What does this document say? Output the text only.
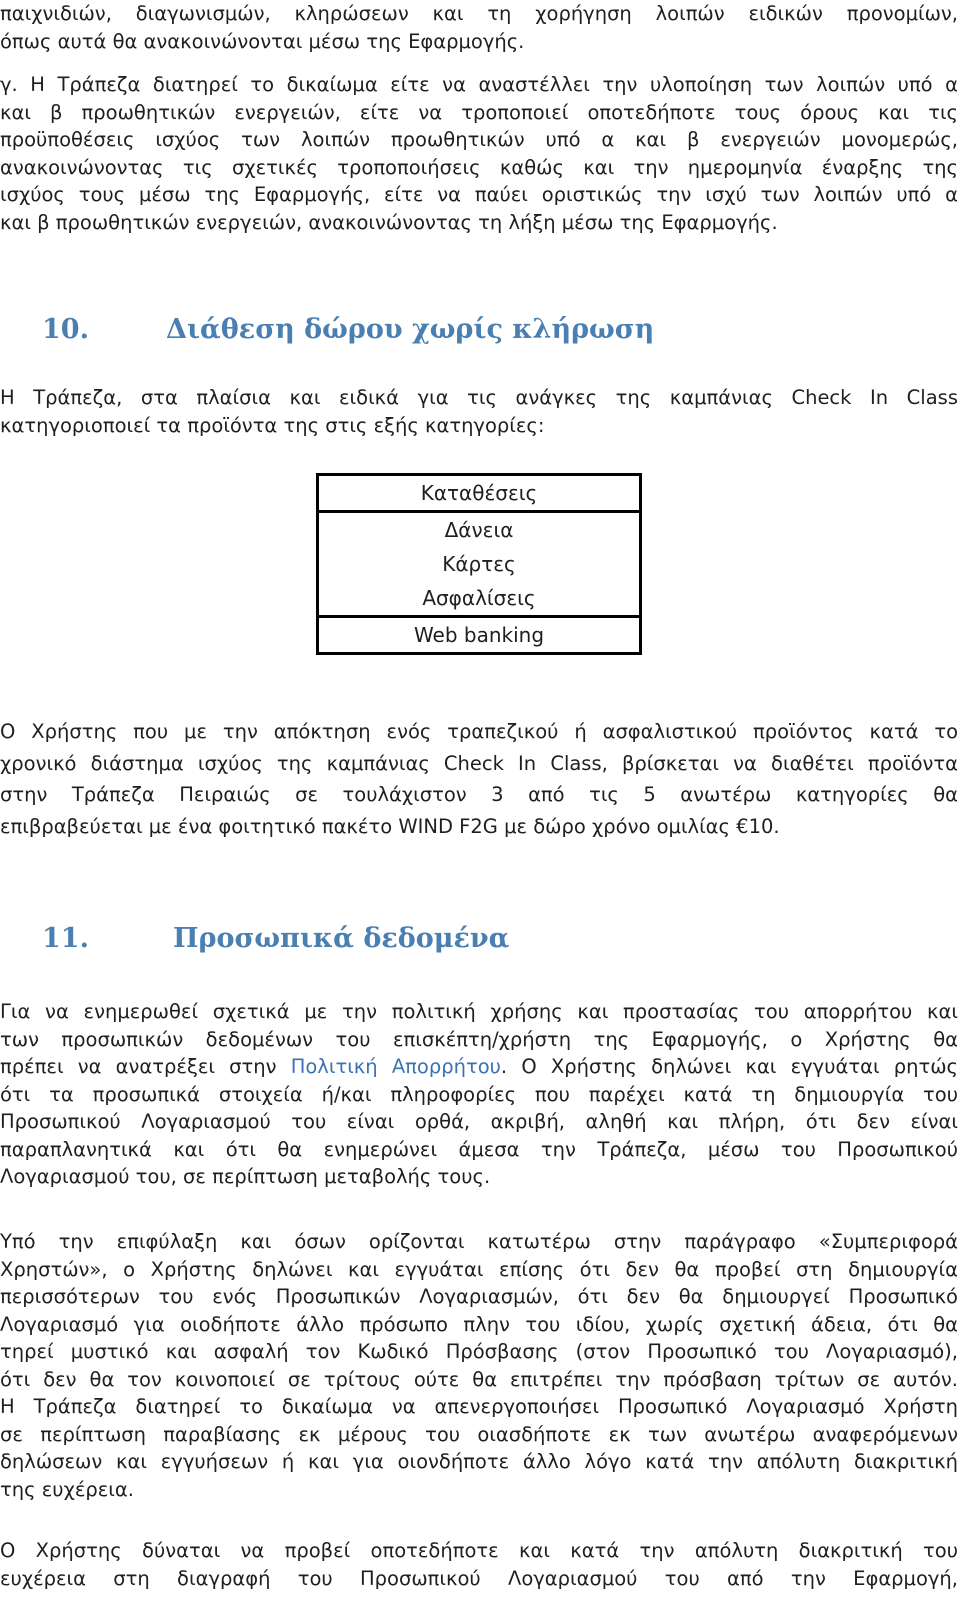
παιχνιδιών, διαγωνισμών, κληρώσεων και τη χορήγηση λοιπών ειδικών προνομίων,
όπως αυτά θα ανακοινώνονται μέσω της Εφαρμογής.
γ. Η Τράπεζα διατηρεί το δικαίωμα είτε να αναστέλλει την υλοποίηση των λοιπών υπό α
και β προωθητικών ενεργειών, είτε να τροποποιεί οποτεδήποτε τους όρους και τις
προϋποθέσεις ισχύος των λοιπών προωθητικών υπό α και β ενεργειών μονομερώς,
ανακοινώνοντας τις σχετικές τροποποιήσεις καθώς και την ημερομηνία έναρξης της
ισχύος τους μέσω της Εφαρμογής, είτε να παύει οριστικώς την ισχύ των λοιπών υπό α
και β προωθητικών ενεργειών, ανακοινώνοντας τη λήξη μέσω της Εφαρμογής.
10.	Διάθεση δώρου χωρίς κλήρωση
Η Τράπεζα, στα πλαίσια και ειδικά για τις ανάγκες της καμπάνιας Check In Class
κατηγοριοποιεί τα προϊόντα της στις εξής κατηγορίες:
Καταθέσεις
Δάνεια
Κάρτες
Ασφαλίσεις
Web banking
Ο Χρήστης που με την απόκτηση ενός τραπεζικού ή ασφαλιστικού προϊόντος κατά το
χρονικό διάστημα ισχύος της καμπάνιας Check In Class, βρίσκεται να διαθέτει προϊόντα
στην Τράπεζα Πειραιώς σε τουλάχιστον 3 από τις 5 ανωτέρω κατηγορίες θα
επιβραβεύεται με ένα φοιτητικό πακέτο WIND F2G με δώρο χρόνο ομιλίας €10.
11.	Προσωπικά δεδομένα
Για να ενημερωθεί σχετικά με την πολιτική χρήσης και προστασίας του απορρήτου και
των προσωπικών δεδομένων του επισκέπτη/χρήστη της Εφαρμογής, ο Χρήστης θα
πρέπει να ανατρέξει στην Πολιτική Απορρήτου. Ο Χρήστης δηλώνει και εγγυάται ρητώς
ότι τα προσωπικά στοιχεία ή/και πληροφορίες που παρέχει κατά τη δημιουργία του
Προσωπικού Λογαριασμού του είναι ορθά, ακριβή, αληθή και πλήρη, ότι δεν είναι
παραπλανητικά και ότι θα ενημερώνει άμεσα την Τράπεζα, μέσω του Προσωπικού
Λογαριασμού του, σε περίπτωση μεταβολής τους.
Υπό την επιφύλαξη και όσων ορίζονται κατωτέρω στην παράγραφο «Συμπεριφορά
Χρηστών», ο Χρήστης δηλώνει και εγγυάται επίσης ότι δεν θα προβεί στη δημιουργία
περισσότερων του ενός Προσωπικών Λογαριασμών, ότι δεν θα δημιουργεί Προσωπικό
Λογαριασμό για οιοδήποτε άλλο πρόσωπο πλην του ιδίου, χωρίς σχετική άδεια, ότι θα
τηρεί μυστικό και ασφαλή τον Κωδικό Πρόσβασης (στον Προσωπικό του Λογαριασμό),
ότι δεν θα τον κοινοποιεί σε τρίτους ούτε θα επιτρέπει την πρόσβαση τρίτων σε αυτόν.
Η Τράπεζα διατηρεί το δικαίωμα να απενεργοποιήσει Προσωπικό Λογαριασμό Χρήστη
σε περίπτωση παραβίασης εκ μέρους του οιασδήποτε εκ των ανωτέρω αναφερόμενων
δηλώσεων και εγγυήσεων ή και για οιονδήποτε άλλο λόγο κατά την απόλυτη διακριτική
της ευχέρεια.
Ο Χρήστης δύναται να προβεί οποτεδήποτε και κατά την απόλυτη διακριτική του
ευχέρεια στη διαγραφή του Προσωπικού Λογαριασμού του από την Εφαρμογή,
